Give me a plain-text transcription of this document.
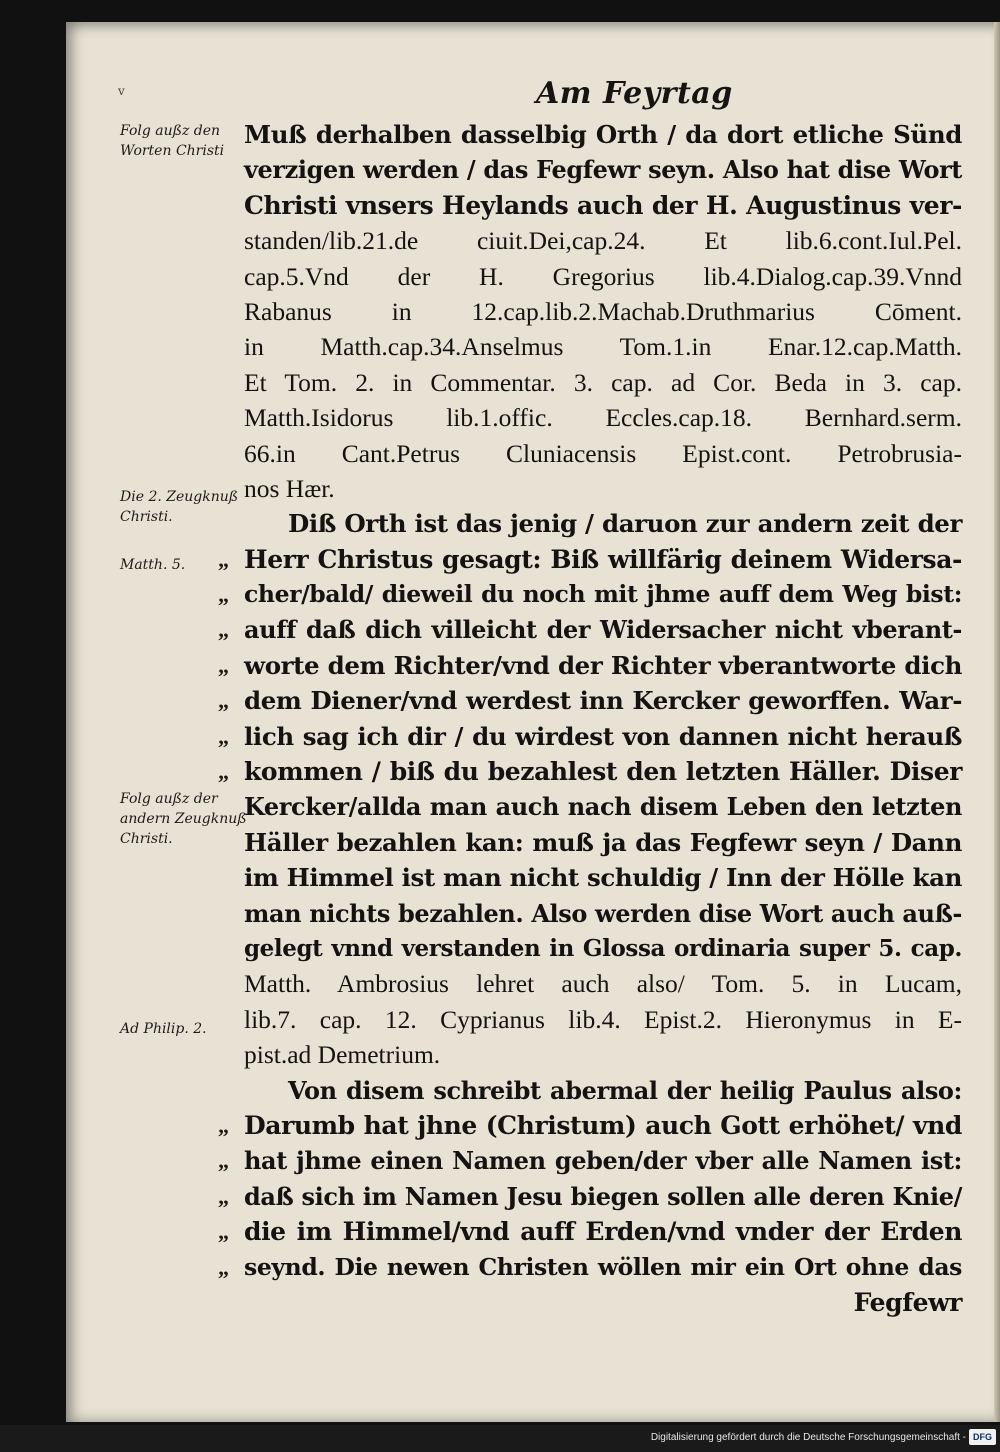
v	Am Feyrtag
Folg außz den Worten Christi
Die 2. Zeugknuß Christi.
Matth. 5.
Folg außz der andern Zeugknuß Christi.
Ad Philip. 2.
Muß derhalben dasselbig Orth / da dort etliche Sünd
verzigen werden / das Fegfewr seyn. Also hat dise Wort
Christi vnsers Heylands auch der H. Augustinus ver-
standen/lib.21.de ciuit.Dei,cap.24. Et lib.6.cont.Iul.Pel.
cap.5.Vnd der H. Gregorius lib.4.Dialog.cap.39.Vnnd
Rabanus in 12.cap.lib.2.Machab.Druthmarius Cōment.
in Matth.cap.34.Anselmus Tom.1.in Enar.12.cap.Matth.
Et Tom. 2. in Commentar. 3. cap. ad Cor. Beda in 3. cap.
Matth.Isidorus lib.1.offic. Eccles.cap.18. Bernhard.serm.
66.in Cant.Petrus Cluniacensis Epist.cont. Petrobrusia-
nos Hær.
Diß Orth ist das jenig / daruon zur andern zeit der
„ Herr Christus gesagt: Biß willfärig deinem Widersa-
„ cher/bald/ dieweil du noch mit jhme auff dem Weg bist:
„ auff daß dich villeicht der Widersacher nicht vberant-
„ worte dem Richter/vnd der Richter vberantworte dich
„ dem Diener/vnd werdest inn Kercker geworffen. War-
„ lich sag ich dir / du wirdest von dannen nicht herauß
„ kommen / biß du bezahlest den letzten Häller. Diser
Kercker/allda man auch nach disem Leben den letzten
Häller bezahlen kan: muß ja das Fegfewr seyn / Dann
im Himmel ist man nicht schuldig / Inn der Hölle kan
man nichts bezahlen. Also werden dise Wort auch auß-
gelegt vnnd verstanden in Glossa ordinaria super 5. cap.
Matth. Ambrosius lehret auch also/ Tom. 5. in Lucam,
lib.7. cap. 12. Cyprianus lib.4. Epist.2. Hieronymus in E-
pist.ad Demetrium.
Von disem schreibt abermal der heilig Paulus also:
„ Darumb hat jhne (Christum) auch Gott erhöhet/ vnd
„ hat jhme einen Namen geben/der vber alle Namen ist:
„ daß sich im Namen Jesu biegen sollen alle deren Knie/
„ die im Himmel/vnd auff Erden/vnd vnder der Erden
„ seynd. Die newen Christen wöllen mir ein Ort ohne das
Fegfewr
Digitalisierung gefördert durch die Deutsche Forschungsgemeinschaft - DFG
